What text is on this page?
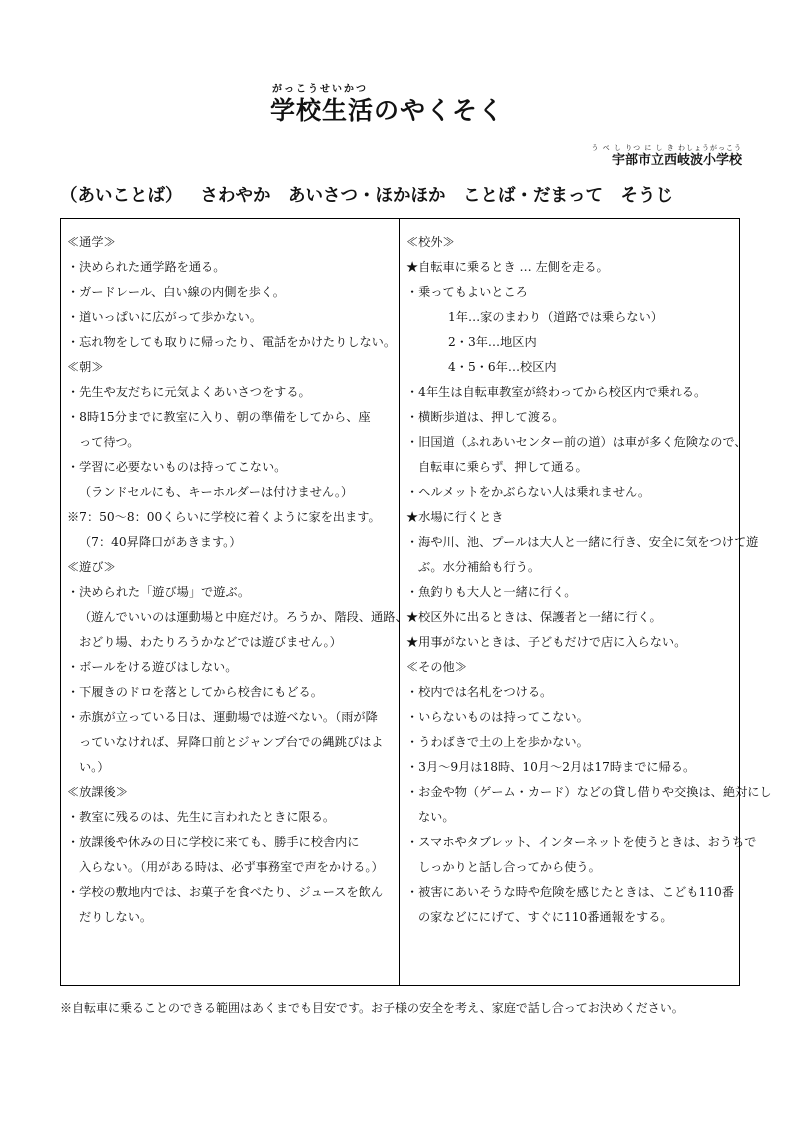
がっこうせいかつ
学校生活のやくそく
う べ し りつ に し き わしょうがっこう
宇部市立西岐波小学校
（あいことば） さわやか　あいさつ・ほかほか　ことば・だまって　そうじ
≪通学≫
・決められた通学路を通る。
・ガードレール、白い線の内側を歩く。
・道いっぱいに広がって歩かない。
・忘れ物をしても取りに帰ったり、電話をかけたりしない。
≪朝≫
・先生や友だちに元気よくあいさつをする。
・8時15分までに教室に入り、朝の準備をしてから、座
って待つ。
・学習に必要ないものは持ってこない。
（ランドセルにも、キーホルダーは付けません。）
※7：50～8：00くらいに学校に着くように家を出ます。
（7：40昇降口があきます。）
≪遊び≫
・決められた「遊び場」で遊ぶ。
（遊んでいいのは運動場と中庭だけ。ろうか、階段、通路、
おどり場、わたりろうかなどでは遊びません。）
・ボールをける遊びはしない。
・下履きのドロを落としてから校舎にもどる。
・赤旗が立っている日は、運動場では遊べない。（雨が降
っていなければ、昇降口前とジャンプ台での縄跳びはよ
い。）
≪放課後≫
・教室に残るのは、先生に言われたときに限る。
・放課後や休みの日に学校に来ても、勝手に校舎内に
入らない。（用がある時は、必ず事務室で声をかける。）
・学校の敷地内では、お菓子を食べたり、ジュースを飲ん
だりしない。
≪校外≫
★自転車に乗るとき … 左側を走る。
・乗ってもよいところ
1年…家のまわり（道路では乗らない）
2・3年…地区内
4・5・6年…校区内
・4年生は自転車教室が終わってから校区内で乗れる。
・横断歩道は、押して渡る。
・旧国道（ふれあいセンター前の道）は車が多く危険なので、
自転車に乗らず、押して通る。
・ヘルメットをかぶらない人は乗れません。
★水場に行くとき
・海や川、池、プールは大人と一緒に行き、安全に気をつけて遊
ぶ。水分補給も行う。
・魚釣りも大人と一緒に行く。
★校区外に出るときは、保護者と一緒に行く。
★用事がないときは、子どもだけで店に入らない。
≪その他≫
・校内では名札をつける。
・いらないものは持ってこない。
・うわばきで土の上を歩かない。
・3月～9月は18時、10月～2月は17時までに帰る。
・お金や物（ゲーム・カード）などの貸し借りや交換は、絶対にし
ない。
・スマホやタブレット、インターネットを使うときは、おうちで
しっかりと話し合ってから使う。
・被害にあいそうな時や危険を感じたときは、こども110番
の家などににげて、すぐに110番通報をする。
※自転車に乗ることのできる範囲はあくまでも目安です。お子様の安全を考え、家庭で話し合ってお決めください。
